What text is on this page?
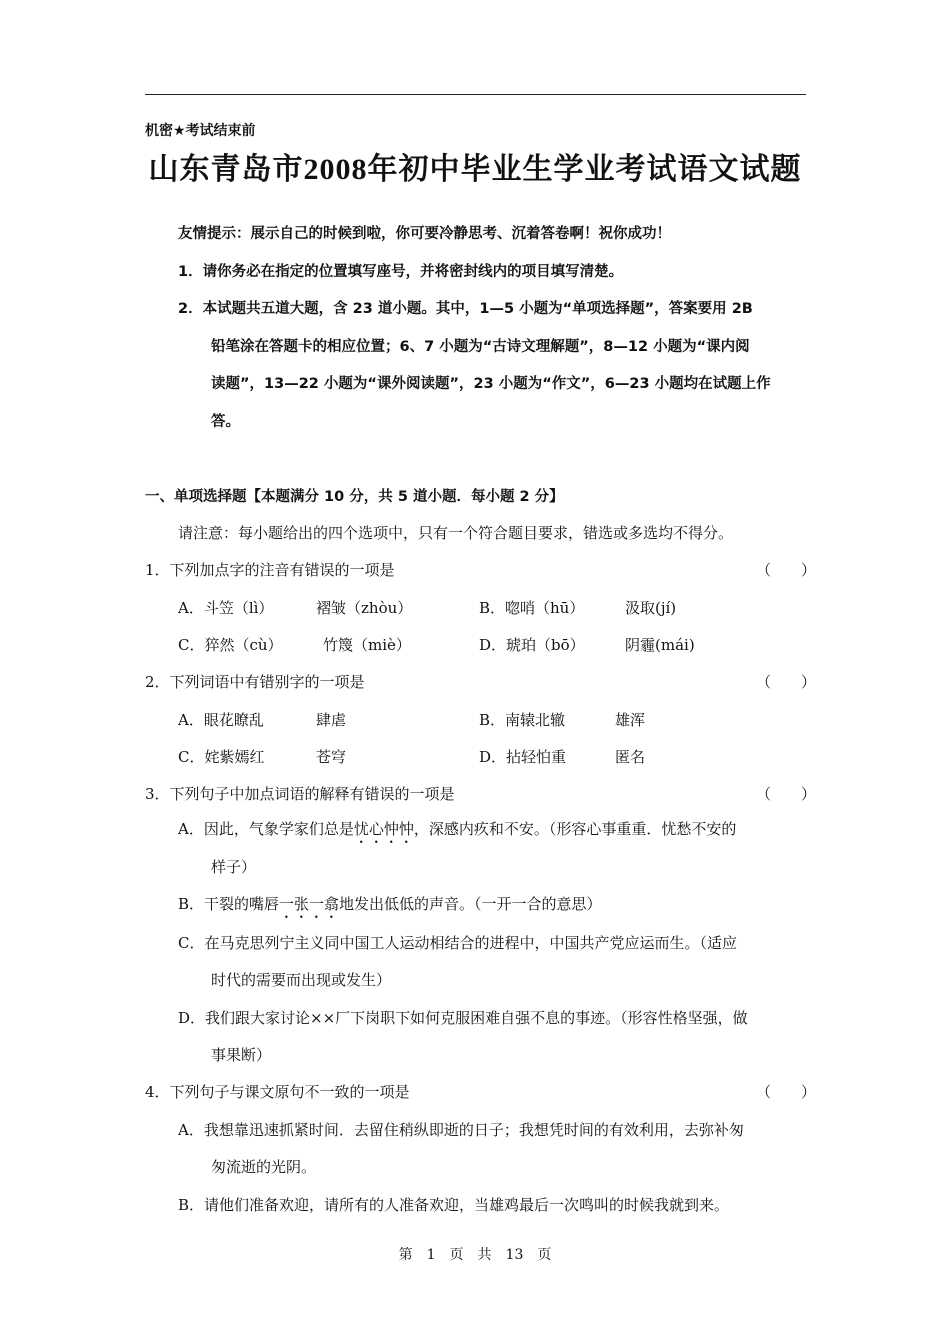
机密★考试结束前
山东青岛市2008年初中毕业生学业考试语文试题
友情提示：展示自己的时候到啦，你可要冷静思考、沉着答卷啊！祝你成功！
1．请你务必在指定的位置填写座号，并将密封线内的项目填写清楚。
2．本试题共五道大题，含 23 道小题。其中，1—5 小题为“单项选择题”，答案要用 2B
铅笔涂在答题卡的相应位置；6、7 小题为“古诗文理解题”，8—12 小题为“课内阅
读题”，13—22 小题为“课外阅读题”，23 小题为“作文”，6—23 小题均在试题上作
答。
一、单项选择题【本题满分 10 分，共 5 道小题．每小题 2 分】
请注意：每小题给出的四个选项中，只有一个符合题目要求，错选或多选均不得分。
1．下列加点字的注音有错误的一项是	（　　）
A．斗笠（lì）	褶皱（zhòu）	B．唿哨（hū）	汲取(jí)
C．猝然（cù）	竹篾（miè）	D．琥珀（bō）	阴霾(mái)
2．下列词语中有错别字的一项是	（　　）
A．眼花瞭乱	肆虐	B．南辕北辙	雄浑
C．姹紫嫣红	苍穹	D．拈轻怕重	匿名
3．下列句子中加点词语的解释有错误的一项是	（　　）
A．因此，气象学家们总是忧心忡忡，深感内疚和不安。（形容心事重重．忧愁不安的
样子）
B．干裂的嘴唇一张一翕地发出低低的声音。（一开一合的意思）
C．在马克思列宁主义同中国工人运动相结合的进程中，中国共产党应运而生。（适应
时代的需要而出现或发生）
D．我们跟大家讨论××厂下岗职下如何克服困难自强不息的事迹。（形容性格坚强，做
事果断）
4．下列句子与课文原句不一致的一项是	（　　）
A．我想靠迅速抓紧时间．去留住稍纵即逝的日子；我想凭时间的有效利用，去弥补匆
匆流逝的光阴。
B．请他们准备欢迎，请所有的人准备欢迎，当雄鸡最后一次鸣叫的时候我就到来。
第　1　页　共　13　页
